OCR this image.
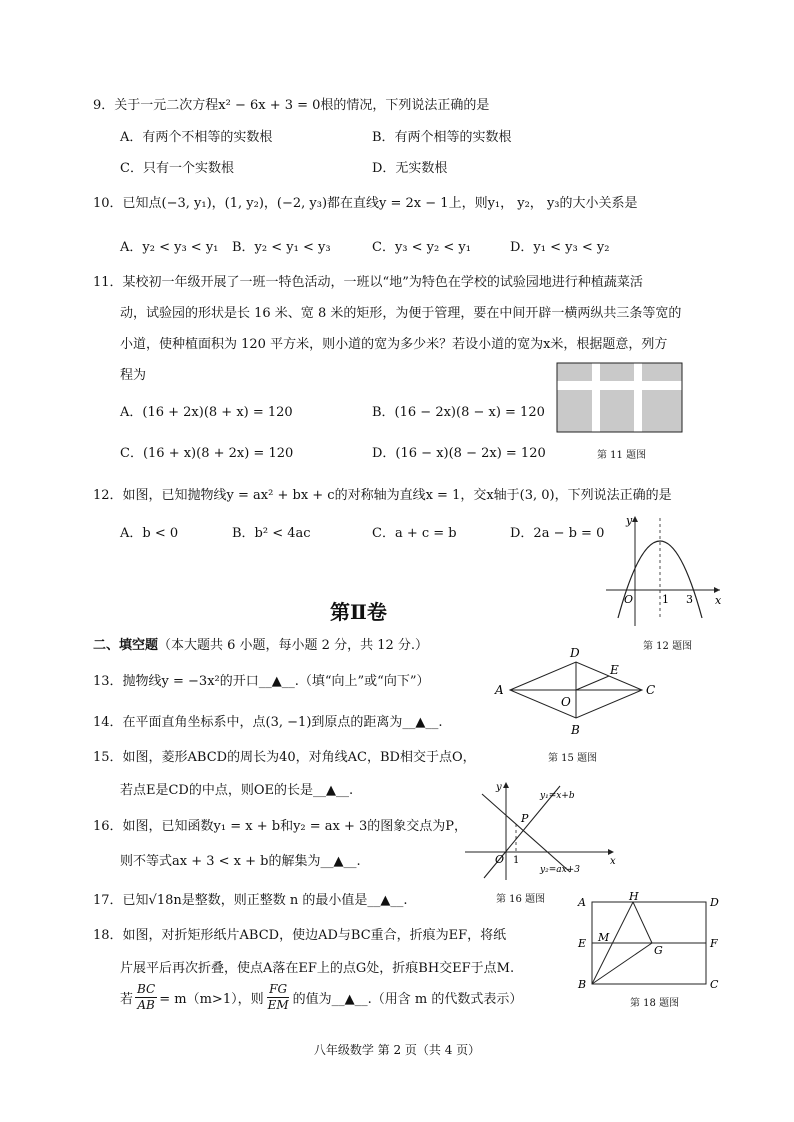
9．关于一元二次方程x² − 6x + 3 = 0根的情况，下列说法正确的是
A．有两个不相等的实数根	B．有两个相等的实数根
C．只有一个实数根	D．无实数根
10．已知点(−3, y₁)，(1, y₂)，(−2, y₃)都在直线y = 2x − 1上，则y₁， y₂， y₃的大小关系是
A．y₂ < y₃ < y₁ B．y₂ < y₁ < y₃	C．y₃ < y₂ < y₁	D．y₁ < y₃ < y₂
11．某校初一年级开展了一班一特色活动，一班以“地”为特色在学校的试验园地进行种植蔬菜活
动，试验园的形状是长 16 米、宽 8 米的矩形，为便于管理，要在中间开辟一横两纵共三条等宽的
小道，使种植面积为 120 平方米，则小道的宽为多少米？若设小道的宽为x米，根据题意，列方
程为
A．(16 + 2x)(8 + x) = 120	B．(16 − 2x)(8 − x) = 120
C．(16 + x)(8 + 2x) = 120	D．(16 − x)(8 − 2x) = 120	第 11 题图
12．如图，已知抛物线y = ax² + bx + c的对称轴为直线x = 1，交x轴于(3, 0)，下列说法正确的是
A．b < 0	B．b² < 4ac	C．a + c = b	D．2a − b = 0
y
x
O	1 3
第 12 题图
第Ⅱ卷
二、填空题（本大题共 6 小题，每小题 2 分，共 12 分.）
13．抛物线y = −3x²的开口__▲__.（填“向上”或“向下”）
14．在平面直角坐标系中，点(3, −1)到原点的距离为__▲__.
A
D
C
B
E
O
第 15 题图
15．如图，菱形ABCD的周长为40，对角线AC，BD相交于点O，
若点E是CD的中点，则OE的长是__▲__.	y
x
O 1
P
y₁=x+b
y₂=ax+3
第 16 题图
16．如图，已知函数y₁ = x + b和y₂ = ax + 3的图象交点为P，
则不等式ax + 3 < x + b的解集为__▲__.
17．已知√18n是整数，则正整数 n 的最小值是__▲__.	A	H	D
E M	F
G
B	C
第 18 题图
18．如图，对折矩形纸片ABCD，使边AD与BC重合，折痕为EF，将纸
片展平后再次折叠，使点A落在EF上的点G处，折痕BH交EF于点M.
若 $\frac{BC}{AB} = m(m>1)$，则 $\frac{FG}{EM}$ 的值为__▲__.（用含 m 的代数式表示）
八年级数学 第 2 页（共 4 页）
